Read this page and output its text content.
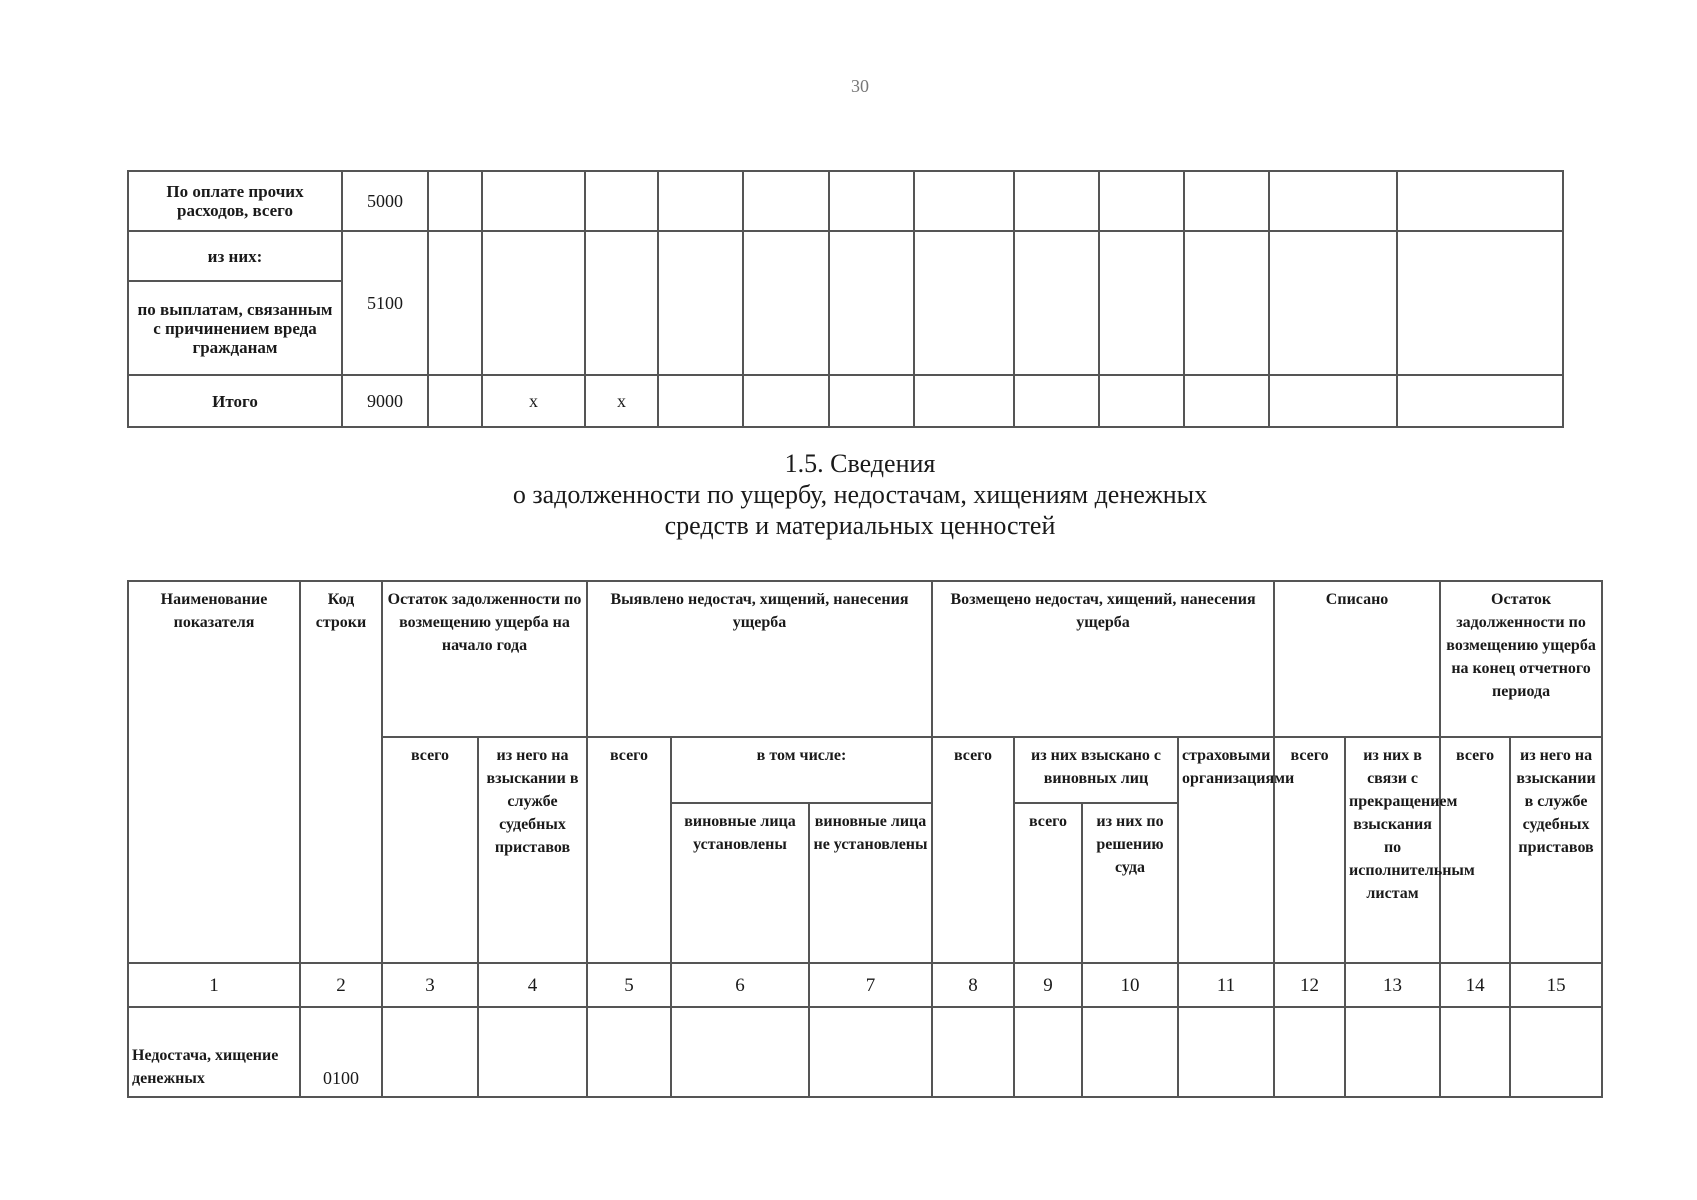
30
По оплате прочих расходов, всего	5000												
из них:	5100												
по выплатам, связанным с причинением вреда гражданам													
Итого	9000		x	x									
1.5. Сведения
о задолженности по ущербу, недостачам, хищениям денежных
средств и материальных ценностей
Наименование показателя	Код строки	Остаток задолженности по возмещению ущерба на начало года		Выявлено недостач, хищений, нанесения ущерба			Возмещено недостач, хищений, нанесения ущерба				Списано		Остаток задолженности по возмещению ущерба на конец отчетного периода	
		всего	из него на взыскании в службе судебных приставов	всего	в том числе:		всего	из них взыскано с виновных лиц		страховыми организациями	всего	из них в связи с прекращением взыскания по исполнительным листам	всего	из него на взыскании в службе судебных приставов
					виновные лица установлены	виновные лица не установлены		всего	из них по решению суда					
1	2	3	4	5	6	7	8	9	10	11	12	13	14	15
Недостача, хищение денежных	0100													
